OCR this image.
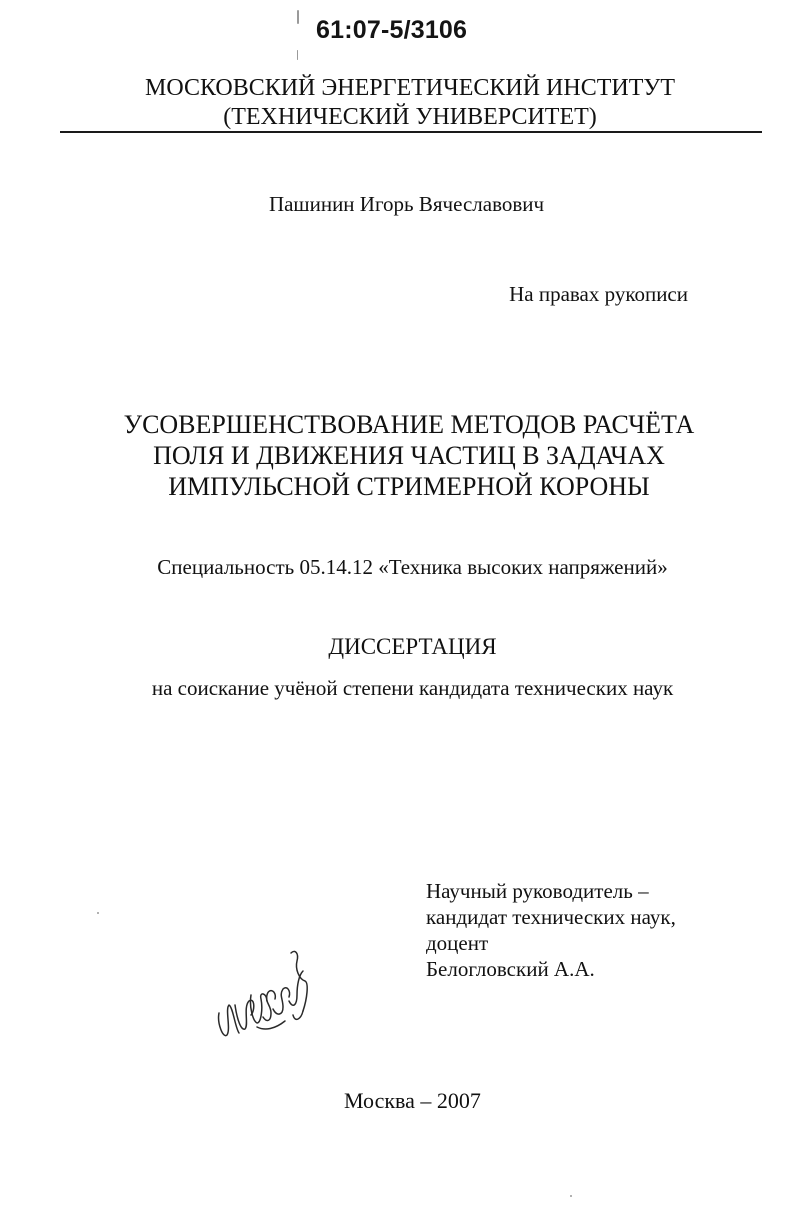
61:07-5/3106
МОСКОВСКИЙ ЭНЕРГЕТИЧЕСКИЙ ИНСТИТУТ
(ТЕХНИЧЕСКИЙ УНИВЕРСИТЕТ)
Пашинин Игорь Вячеславович
На правах рукописи
УСОВЕРШЕНСТВОВАНИЕ МЕТОДОВ РАСЧЁТА
ПОЛЯ И ДВИЖЕНИЯ ЧАСТИЦ В ЗАДАЧАХ
ИМПУЛЬСНОЙ СТРИМЕРНОЙ КОРОНЫ
Специальность 05.14.12 «Техника высоких напряжений»
ДИССЕРТАЦИЯ
на соискание учёной степени кандидата технических наук
Научный руководитель –
кандидат технических наук,
доцент
Белогловский А.А.
Москва – 2007
